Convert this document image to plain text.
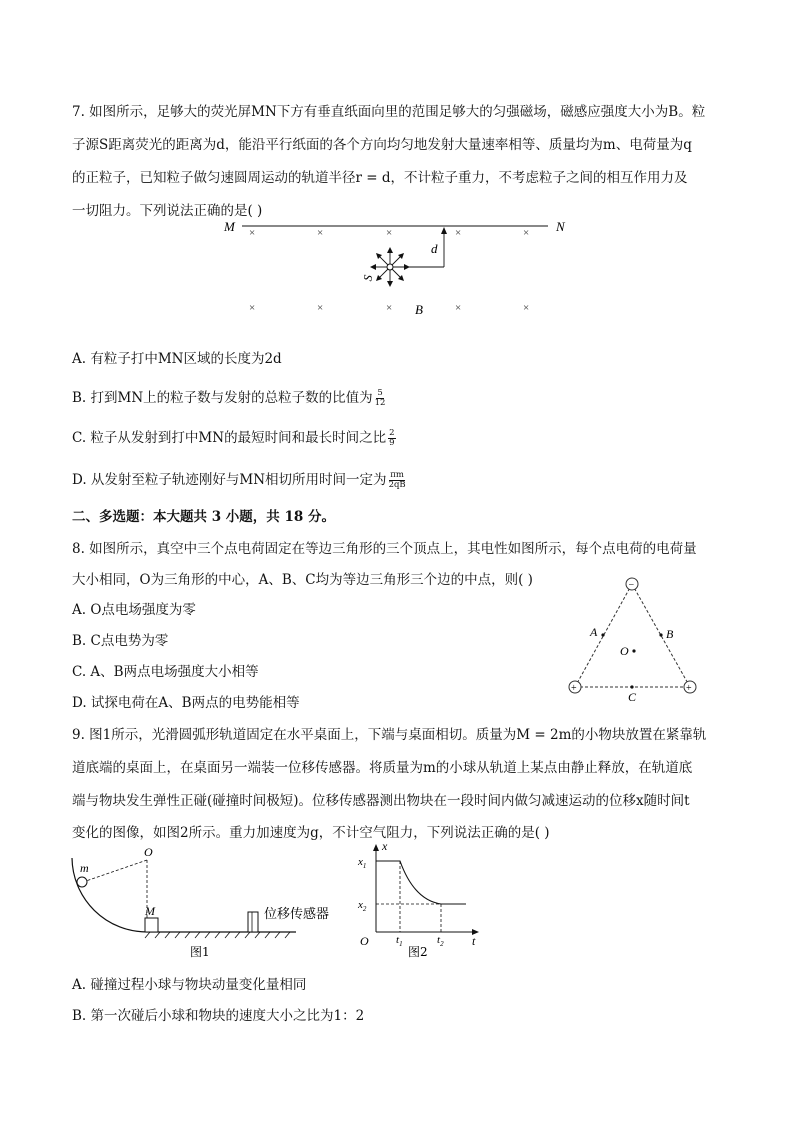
7. 如图所示，足够大的荧光屏MN下方有垂直纸面向里的范围足够大的匀强磁场，磁感应强度大小为B。粒
子源S距离荧光的距离为d，能沿平行纸面的各个方向均匀地发射大量速率相等、质量均为m、电荷量为q
的正粒子，已知粒子做匀速圆周运动的轨道半径r = d，不计粒子重力，不考虑粒子之间的相互作用力及
一切阻力。下列说法正确的是( )
M	N
×	×	×	×	×
×	×	×	×	×
S
d
B
A. 有粒子打中MN区域的长度为2d
B. 打到MN上的粒子数与发射的总粒子数的比值为 $\frac{5}{12}$
C. 粒子从发射到打中MN的最短时间和最长时间之比 $\frac{2}{9}$
D. 从发射至粒子轨迹刚好与MN相切所用时间一定为 $\frac{\pi m}{2qB}$
二、多选题：本大题共 3 小题，共 18 分。
8. 如图所示，真空中三个点电荷固定在等边三角形的三个顶点上，其电性如图所示，每个点电荷的电荷量
大小相同，O为三角形的中心，A、B、C均为等边三角形三个边的中点，则( )
A. O点电场强度为零
B. C点电势为零
C. A、B两点电场强度大小相等
D. 试探电荷在A、B两点的电势能相等
−
+	+
A	B
O
C
9. 图1所示，光滑圆弧形轨道固定在水平桌面上，下端与桌面相切。质量为M = 2m的小物块放置在紧靠轨
道底端的桌面上，在桌面另一端装一位移传感器。将质量为m的小球从轨道上某点由静止释放，在轨道底
端与物块发生弹性正碰(碰撞时间极短)。位移传感器测出物块在一段时间内做匀减速运动的位移x随时间t
变化的图像，如图2所示。重力加速度为g，不计空气阻力，下列说法正确的是( )
m
O
M	位移传感器
图1
x
t
O
$x_1$
$x_2$
$t_1$	$t_2$
图2
A. 碰撞过程小球与物块动量变化量相同
B. 第一次碰后小球和物块的速度大小之比为1：2
